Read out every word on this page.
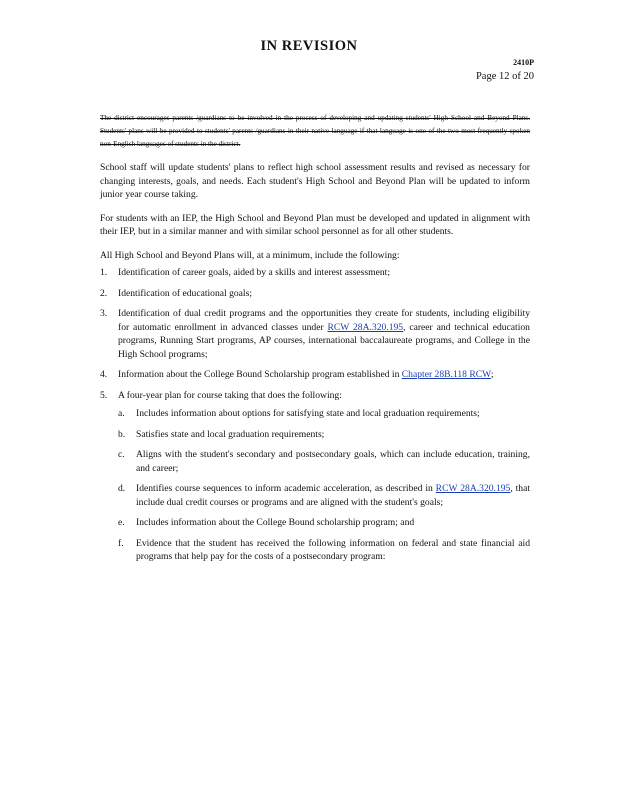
IN REVISION
2410P
Page 12 of 20

The district encourages parents /guardians to be involved in the process of developing and updating students' High School and Beyond Plans. Students' plans will be provided to students' parents /guardians in their native language if that language is one of the two most frequently spoken non-English languages of students in the district.

School staff will update students' plans to reflect high school assessment results and revised as necessary for changing interests, goals, and needs. Each student's High School and Beyond Plan will be updated to inform junior year course taking.

For students with an IEP, the High School and Beyond Plan must be developed and updated in alignment with their IEP, but in a similar manner and with similar school personnel as for all other students.

All High School and Beyond Plans will, at a minimum, include the following:

1. Identification of career goals, aided by a skills and interest assessment;
2. Identification of educational goals;
3. Identification of dual credit programs and the opportunities they create for students, including eligibility for automatic enrollment in advanced classes under RCW 28A.320.195, career and technical education programs, Running Start programs, AP courses, international baccalaureate programs, and College in the High School programs;
4. Information about the College Bound Scholarship program established in Chapter 28B.118 RCW;
5. A four-year plan for course taking that does the following:
a. Includes information about options for satisfying state and local graduation requirements;
b. Satisfies state and local graduation requirements;
c. Aligns with the student's secondary and postsecondary goals, which can include education, training, and career;
d. Identifies course sequences to inform academic acceleration, as described in RCW 28A.320.195, that include dual credit courses or programs and are aligned with the student's goals;
e. Includes information about the College Bound scholarship program; and
f. Evidence that the student has received the following information on federal and state financial aid programs that help pay for the costs of a postsecondary program:
